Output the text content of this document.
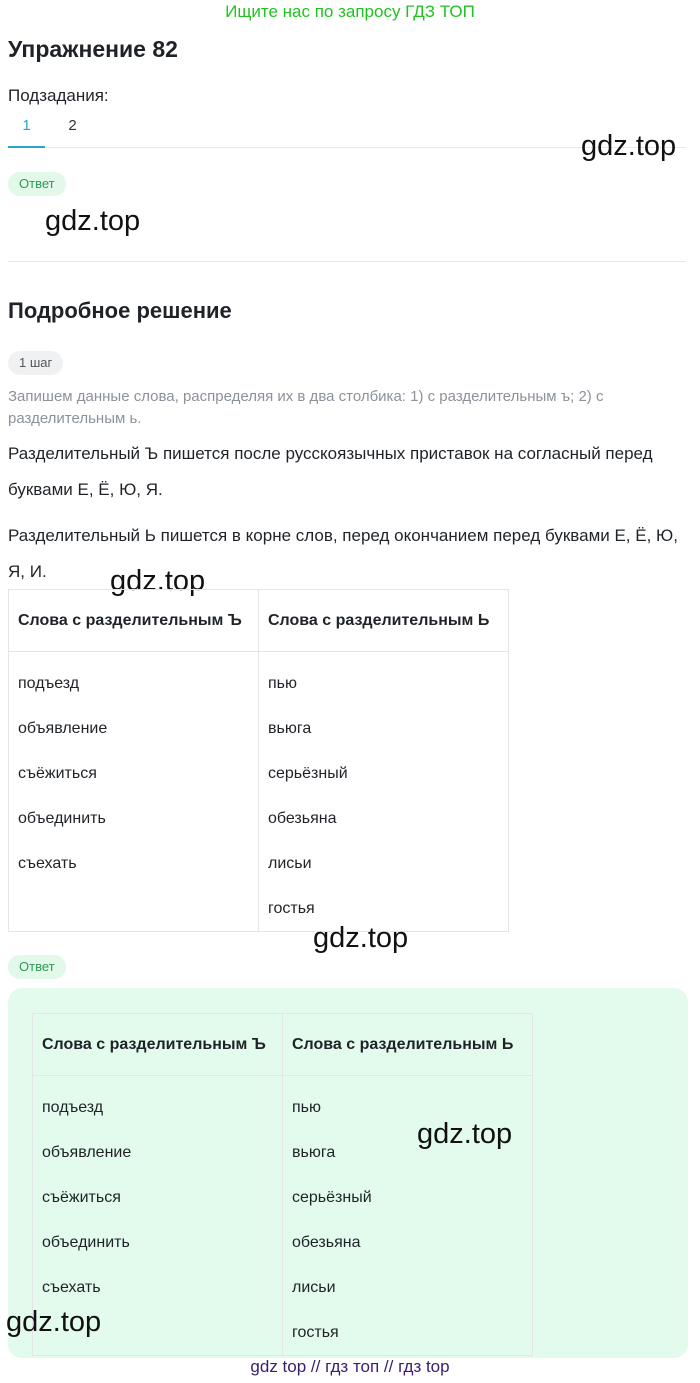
Ищите нас по запросу ГДЗ ТОП
Упражнение 82
Подзадания:
1	2
gdz.top
Ответ
gdz.top
Подробное решение
1 шаг
Запишем данные слова, распределяя их в два столбика: 1) с разделительным ъ; 2) с разделительным ь.
Разделительный Ъ пишется после русскоязычных приставок на согласный перед буквами Е, Ё, Ю, Я.
Разделительный Ь пишется в корне слов, перед окончанием перед буквами Е, Ё, Ю, Я, И.	gdz.top
Слова с разделительным Ъ	Слова с разделительным Ь
подъезд	пью
объявление	вьюга
съёжиться	серьёзный
объединить	обезьяна
съехать	лисьи
	гостья
gdz.top
Ответ
Слова с разделительным Ъ	Слова с разделительным Ь
подъезд	пью
объявление	вьюга
съёжиться	серьёзный
объединить	обезьяна
съехать	лисьи
	гостья
gdz.top
gdz.top
gdz top // гдз топ // гдз top
